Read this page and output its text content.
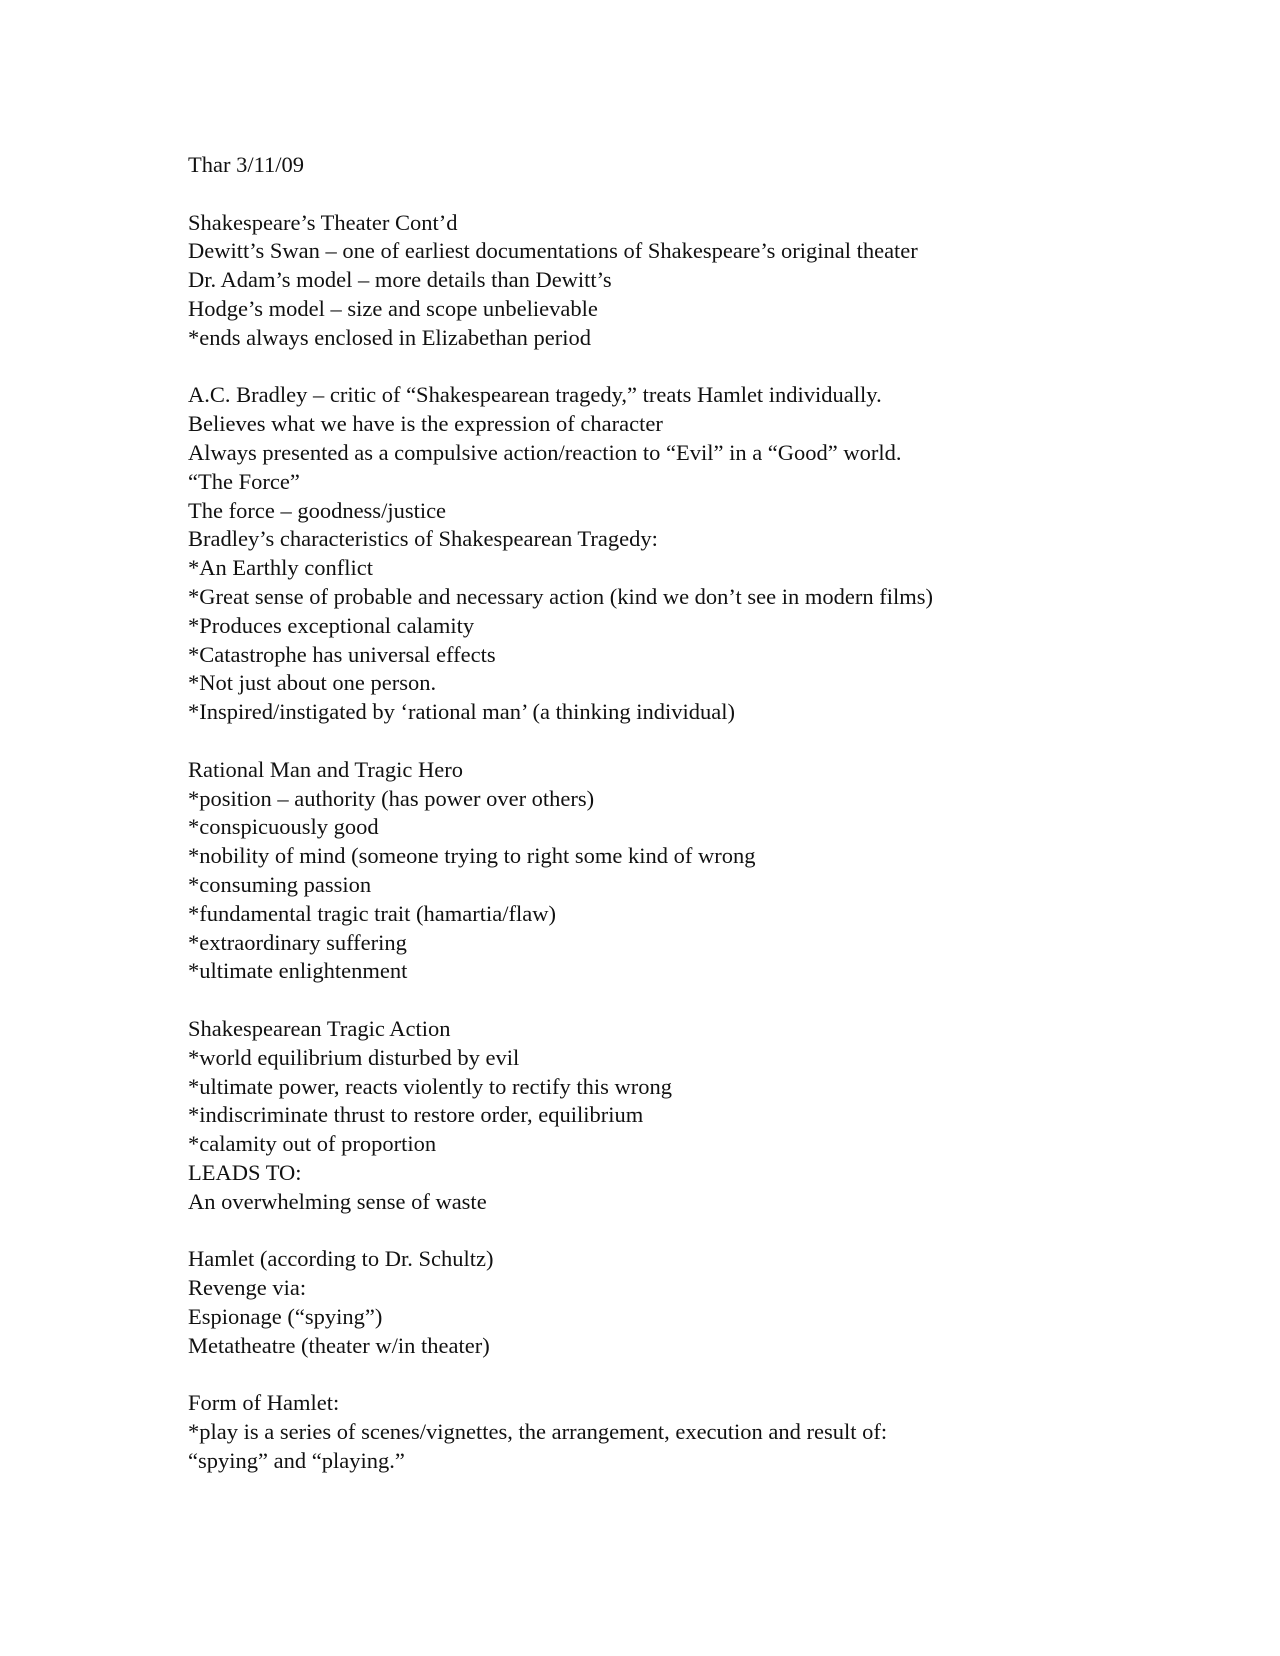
Thar 3/11/09
Shakespeare’s Theater Cont’d
Dewitt’s Swan – one of earliest documentations of Shakespeare’s original theater
Dr. Adam’s model – more details than Dewitt’s
Hodge’s model – size and scope unbelievable
*ends always enclosed in Elizabethan period
A.C. Bradley – critic of “Shakespearean tragedy,” treats Hamlet individually.
Believes what we have is the expression of character
Always presented as a compulsive action/reaction to “Evil” in a “Good” world.
“The Force”
The force – goodness/justice
Bradley’s characteristics of Shakespearean Tragedy:
*An Earthly conflict
*Great sense of probable and necessary action (kind we don’t see in modern films)
*Produces exceptional calamity
*Catastrophe has universal effects
*Not just about one person.
*Inspired/instigated by ‘rational man’ (a thinking individual)
Rational Man and Tragic Hero
*position – authority (has power over others)
*conspicuously good
*nobility of mind (someone trying to right some kind of wrong
*consuming passion
*fundamental tragic trait (hamartia/flaw)
*extraordinary suffering
*ultimate enlightenment
Shakespearean Tragic Action
*world equilibrium disturbed by evil
*ultimate power, reacts violently to rectify this wrong
*indiscriminate thrust to restore order, equilibrium
*calamity out of proportion
LEADS TO:
An overwhelming sense of waste
Hamlet (according to Dr. Schultz)
Revenge via:
Espionage (“spying”)
Metatheatre (theater w/in theater)
Form of Hamlet:
*play is a series of scenes/vignettes, the arrangement, execution and result of:
“spying” and “playing.”
